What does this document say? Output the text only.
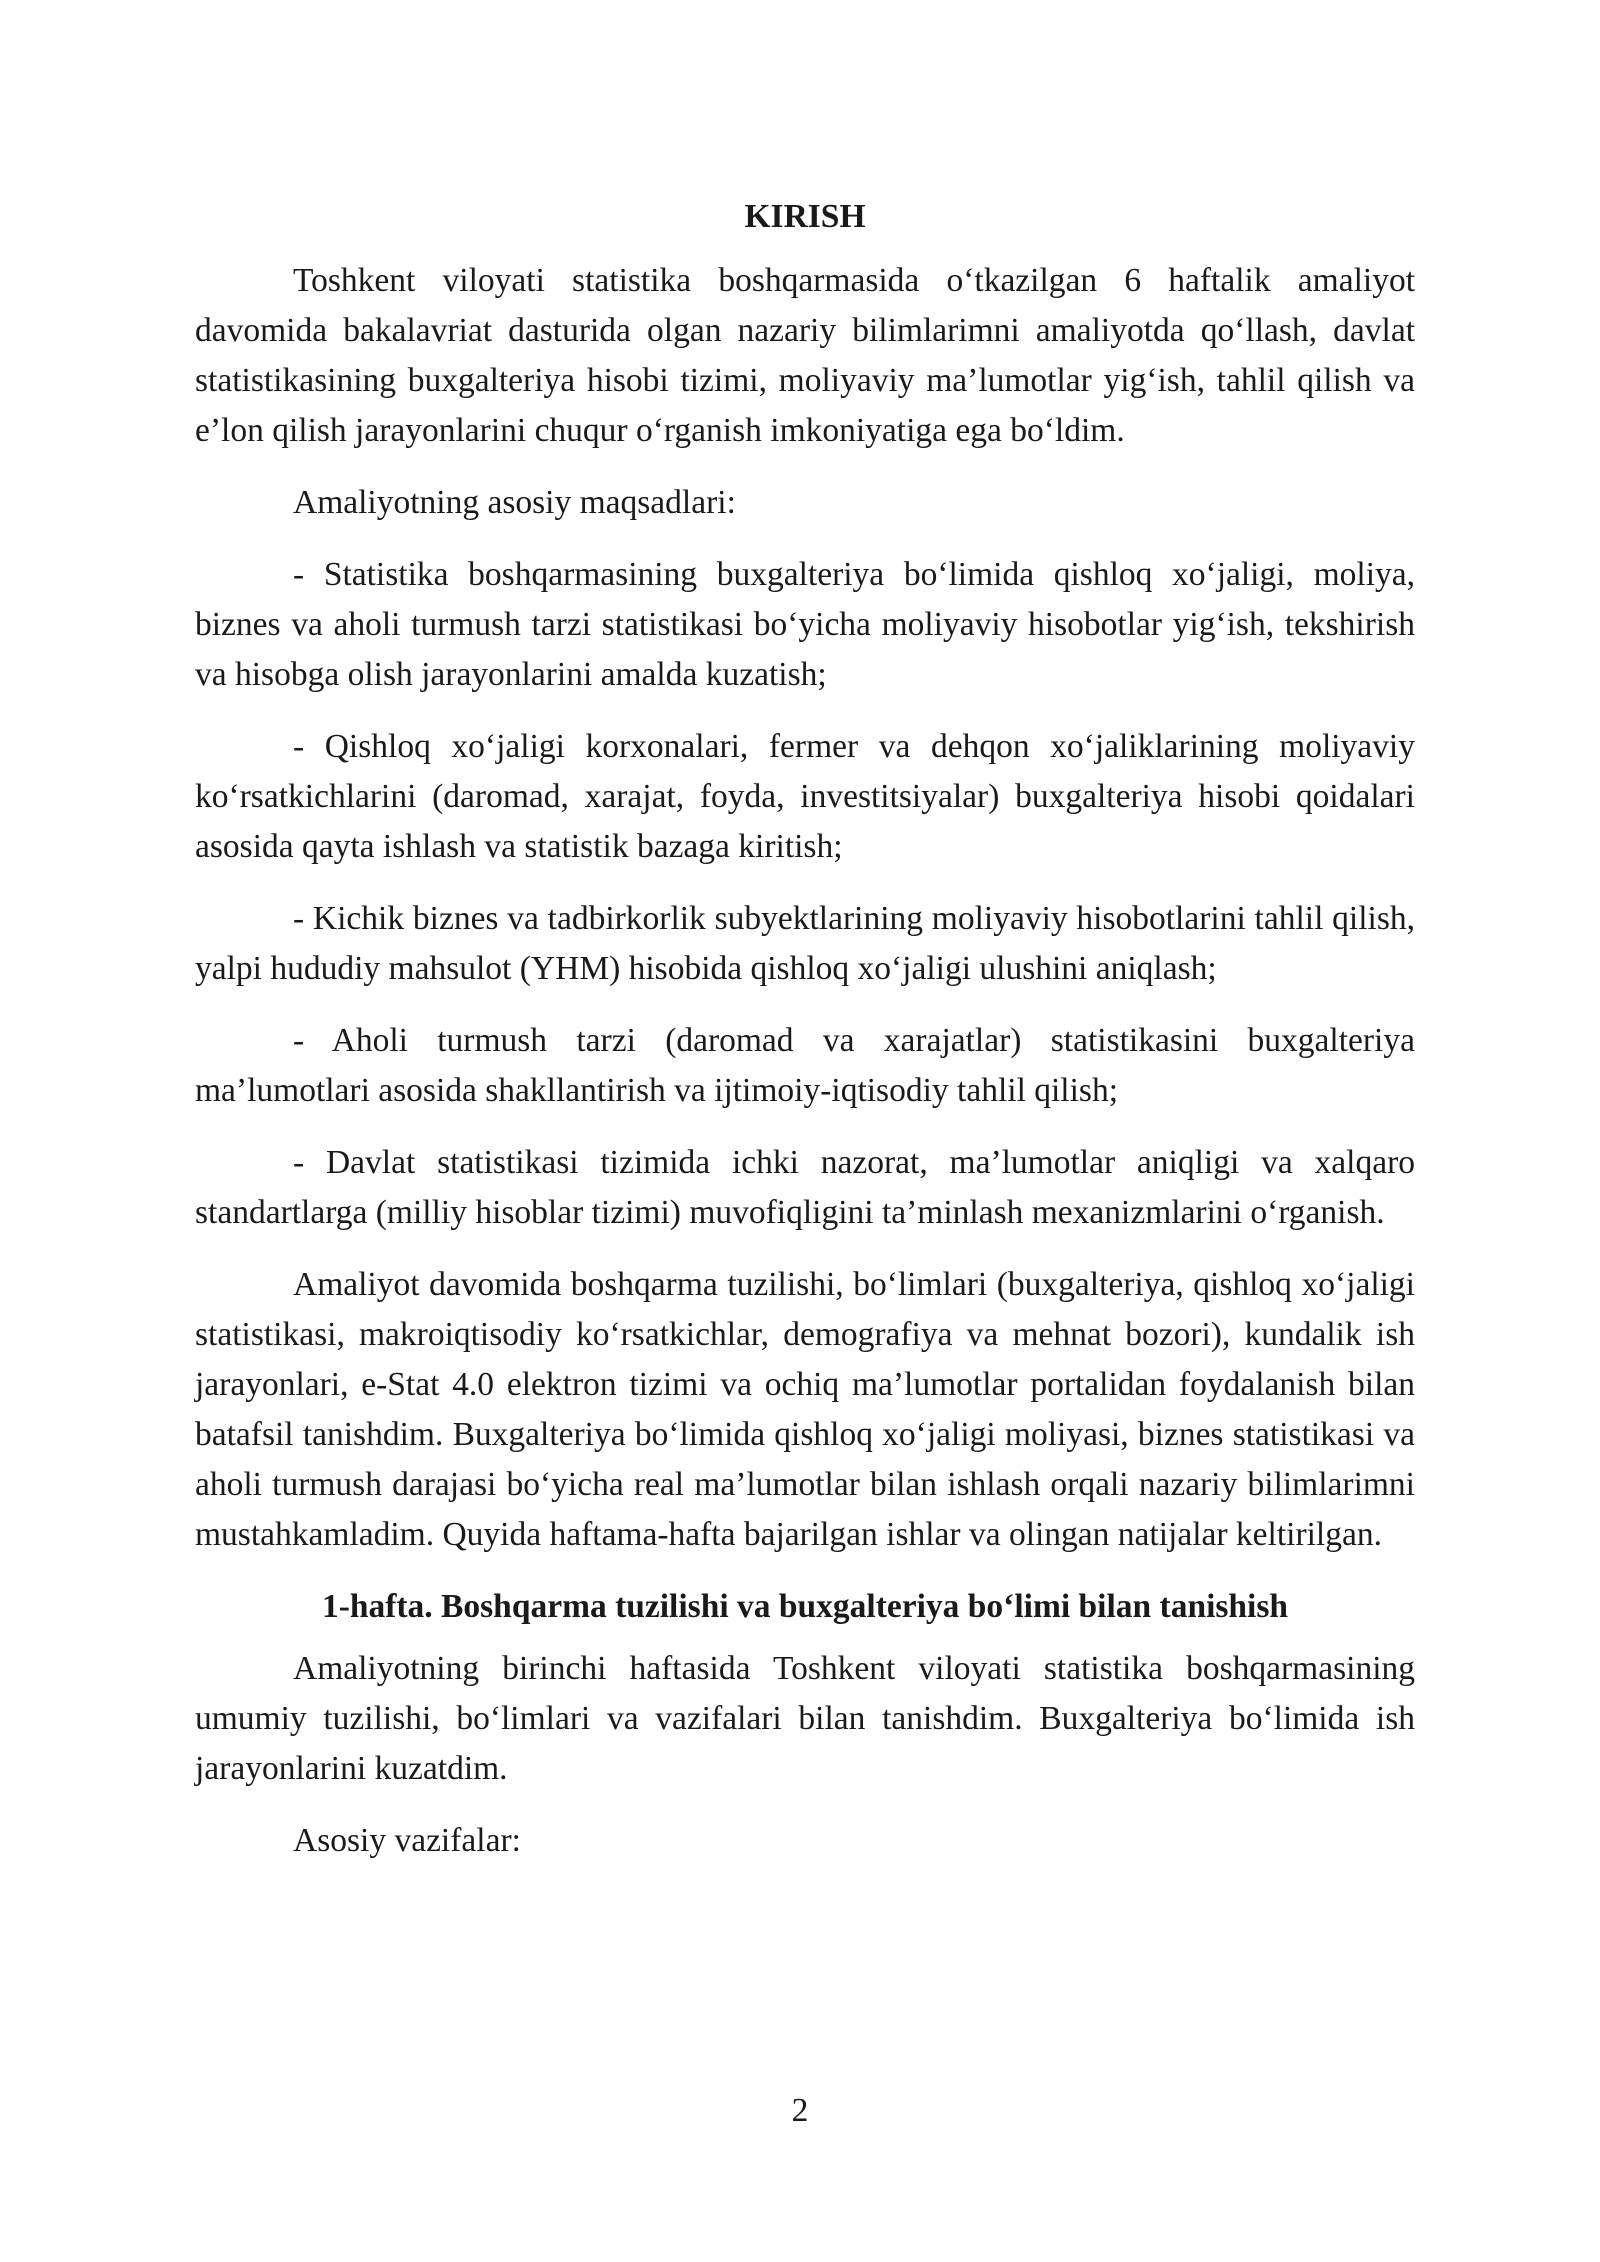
KIRISH

Toshkent viloyati statistika boshqarmasida o‘tkazilgan 6 haftalik amaliyot davomida bakalavriat dasturida olgan nazariy bilimlarimni amaliyotda qo‘llash, davlat statistikasining buxgalteriya hisobi tizimi, moliyaviy ma’lumotlar yig‘ish, tahlil qilish va e’lon qilish jarayonlarini chuqur o‘rganish imkoniyatiga ega bo‘ldim.

Amaliyotning asosiy maqsadlari:

- Statistika boshqarmasining buxgalteriya bo‘limida qishloq xo‘jaligi, moliya, biznes va aholi turmush tarzi statistikasi bo‘yicha moliyaviy hisobotlar yig‘ish, tekshirish va hisobga olish jarayonlarini amalda kuzatish;

- Qishloq xo‘jaligi korxonalari, fermer va dehqon xo‘jaliklarining moliyaviy ko‘rsatkichlarini (daromad, xarajat, foyda, investitsiyalar) buxgalteriya hisobi qoidalari asosida qayta ishlash va statistik bazaga kiritish;

- Kichik biznes va tadbirkorlik subyektlarining moliyaviy hisobotlarini tahlil qilish, yalpi hududiy mahsulot (YHM) hisobida qishloq xo‘jaligi ulushini aniqlash;

- Aholi turmush tarzi (daromad va xarajatlar) statistikasini buxgalteriya ma’lumotlari asosida shakllantirish va ijtimoiy-iqtisodiy tahlil qilish;

- Davlat statistikasi tizimida ichki nazorat, ma’lumotlar aniqligi va xalqaro standartlarga (milliy hisoblar tizimi) muvofiqligini ta’minlash mexanizmlarini o‘rganish.

Amaliyot davomida boshqarma tuzilishi, bo‘limlari (buxgalteriya, qishloq xo‘jaligi statistikasi, makroiqtisodiy ko‘rsatkichlar, demografiya va mehnat bozori), kundalik ish jarayonlari, e-Stat 4.0 elektron tizimi va ochiq ma’lumotlar portalidan foydalanish bilan batafsil tanishdim. Buxgalteriya bo‘limida qishloq xo‘jaligi moliyasi, biznes statistikasi va aholi turmush darajasi bo‘yicha real ma’lumotlar bilan ishlash orqali nazariy bilimlarimni mustahkamladim. Quyida haftama-hafta bajarilgan ishlar va olingan natijalar keltirilgan.

1-hafta. Boshqarma tuzilishi va buxgalteriya bo‘limi bilan tanishish

Amaliyotning birinchi haftasida Toshkent viloyati statistika boshqarmasining umumiy tuzilishi, bo‘limlari va vazifalari bilan tanishdim. Buxgalteriya bo‘limida ish jarayonlarini kuzatdim.

Asosiy vazifalar:

2
